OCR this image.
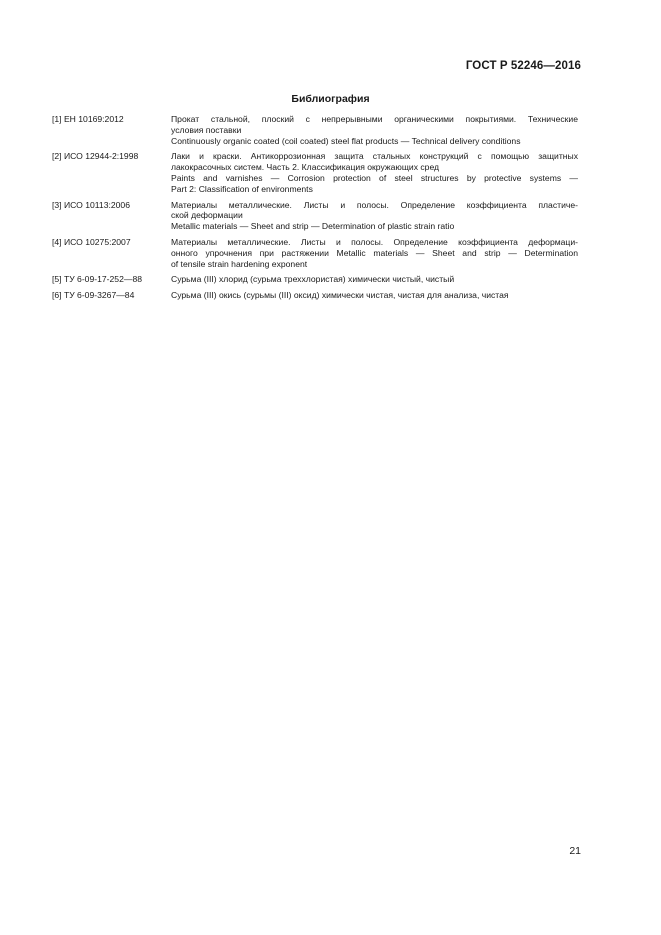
ГОСТ Р 52246—2016
Библиография
[1] ЕН 10169:2012	Прокат стальной, плоский с непрерывными органическими покрытиями. Технические
условия поставки
Continuously organic coated (coil coated) steel flat products — Technical delivery conditions
[2] ИСО 12944-2:1998	Лаки и краски. Антикоррозионная защита стальных конструкций с помощью защитных
лакокрасочных систем. Часть 2. Классификация окружающих сред
Paints and varnishes — Corrosion protection of steel structures by protective systems —
Part 2: Classification of environments
[3] ИСО 10113:2006	Материалы металлические. Листы и полосы. Определение коэффициента пластиче-
ской деформации
Metallic materials — Sheet and strip — Determination of plastic strain ratio
[4] ИСО 10275:2007	Материалы металлические. Листы и полосы. Определение коэффициента деформаци-
онного упрочнения при растяжении Metallic materials — Sheet and strip — Determination
of tensile strain hardening exponent
[5] ТУ 6-09-17-252—88	Сурьма (III) хлорид (сурьма треххлористая) химически чистый, чистый
[6] ТУ 6-09-3267—84	Сурьма (III) окись (сурьмы (III) оксид) химически чистая, чистая для анализа, чистая
21
